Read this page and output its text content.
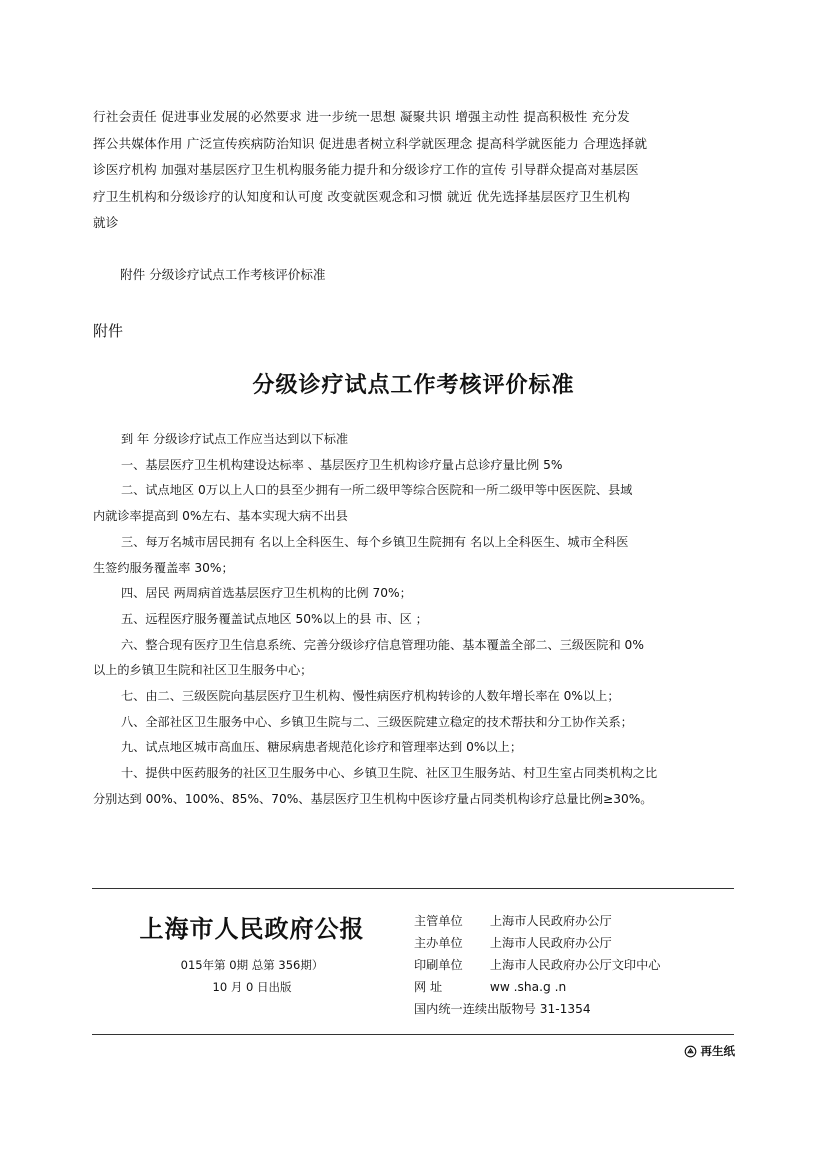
行社会责任 促进事业发展的必然要求 进一步统一思想 凝聚共识 增强主动性 提高积极性 充分发
挥公共媒体作用 广泛宣传疾病防治知识 促进患者树立科学就医理念 提高科学就医能力 合理选择就
诊医疗机构 加强对基层医疗卫生机构服务能力提升和分级诊疗工作的宣传 引导群众提高对基层医
疗卫生机构和分级诊疗的认知度和认可度 改变就医观念和习惯 就近 优先选择基层医疗卫生机构
就诊
附件 分级诊疗试点工作考核评价标准
附件
分级诊疗试点工作考核评价标准
到 年 分级诊疗试点工作应当达到以下标准
一、基层医疗卫生机构建设达标率 、基层医疗卫生机构诊疗量占总诊疗量比例 5%
二、试点地区 0万以上人口的县至少拥有一所二级甲等综合医院和一所二级甲等中医医院、县域
内就诊率提高到 0%左右、基本实现大病不出县
三、每万名城市居民拥有 名以上全科医生、每个乡镇卫生院拥有 名以上全科医生、城市全科医
生签约服务覆盖率 30%；
四、居民 两周病首选基层医疗卫生机构的比例 70%；
五、远程医疗服务覆盖试点地区 50%以上的县 市、区 ；
六、整合现有医疗卫生信息系统、完善分级诊疗信息管理功能、基本覆盖全部二、三级医院和 0%
以上的乡镇卫生院和社区卫生服务中心；
七、由二、三级医院向基层医疗卫生机构、慢性病医疗机构转诊的人数年增长率在 0%以上；
八、全部社区卫生服务中心、乡镇卫生院与二、三级医院建立稳定的技术帮扶和分工协作关系；
九、试点地区城市高血压、糖尿病患者规范化诊疗和管理率达到 0%以上；
十、提供中医药服务的社区卫生服务中心、乡镇卫生院、社区卫生服务站、村卫生室占同类机构之比
分别达到 00%、100%、85%、70%、基层医疗卫生机构中医诊疗量占同类机构诊疗总量比例≥30%。
上海市人民政府公报
015年第 0期 总第 356期）
10 月 0 日出版
主管单位 上海市人民政府办公厅
主办单位 上海市人民政府办公厅
印刷单位 上海市人民政府办公厅文印中心
网 址	ww .sha.g .n
国内统一连续出版物号 31-1354
再生纸
